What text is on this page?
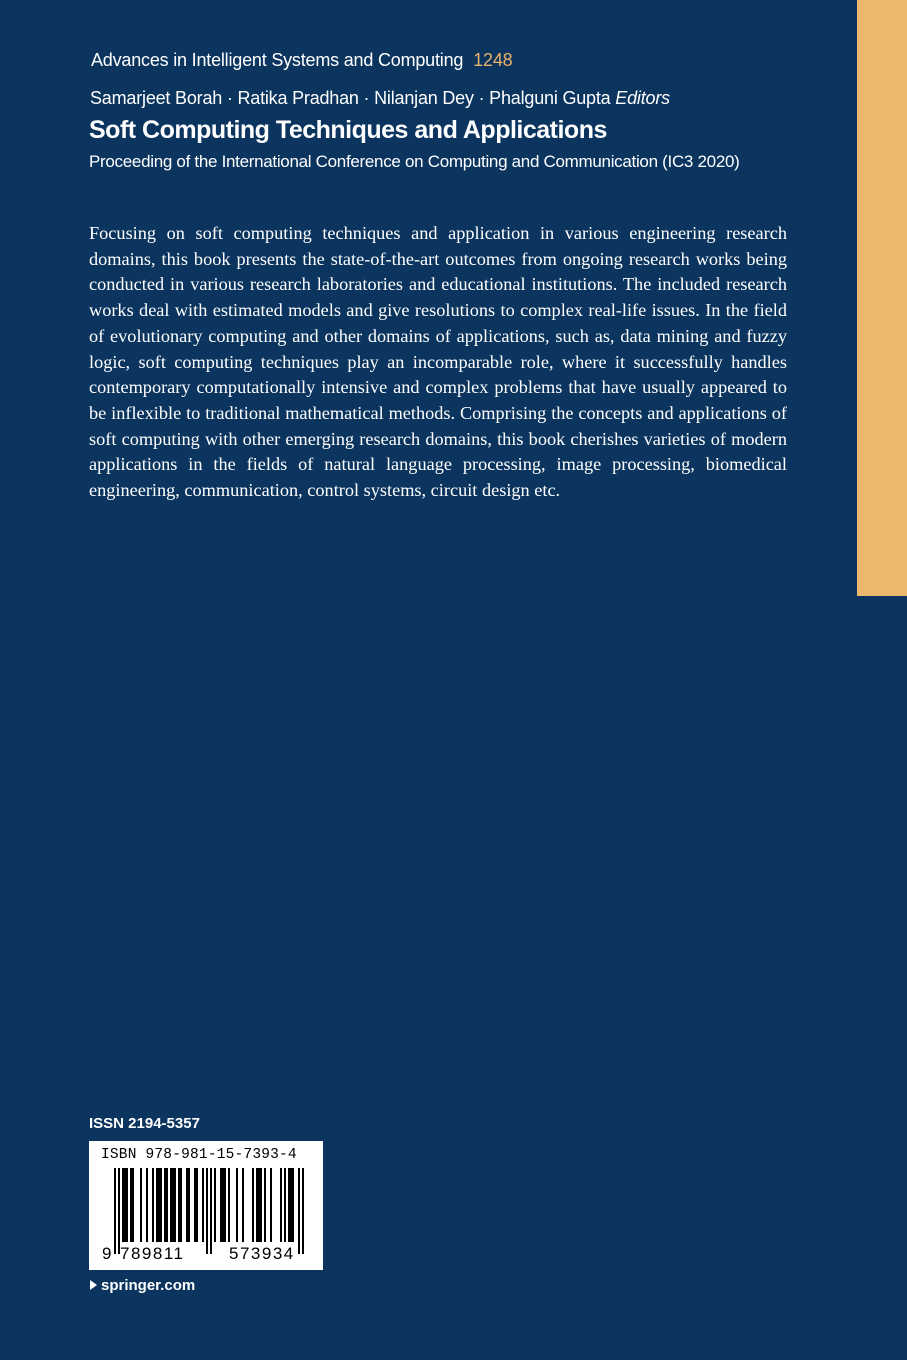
Advances in Intelligent Systems and Computing 1248
Samarjeet Borah · Ratika Pradhan · Nilanjan Dey · Phalguni Gupta Editors
Soft Computing Techniques and Applications
Proceeding of the International Conference on Computing and Communication (IC3 2020)

Focusing on soft computing techniques and application in various engineering research domains, this book presents the state-of-the-art outcomes from ongoing research works being conducted in various research laboratories and educational institutions. The included research works deal with estimated models and give resolutions to complex real-life issues. In the field of evolutionary computing and other domains of applications, such as, data mining and fuzzy logic, soft computing techniques play an incomparable role, where it successfully handles contemporary computationally intensive and complex problems that have usually appeared to be inflexible to traditional mathematical methods. Comprising the concepts and applications of soft computing with other emerging research domains, this book cherishes varieties of modern applications in the fields of natural language processing, image processing, biomedical engineering, communication, control systems, circuit design etc.

ISSN 2194-5357
ISBN 978-981-15-7393-4
9 789811	573934
springer.com
